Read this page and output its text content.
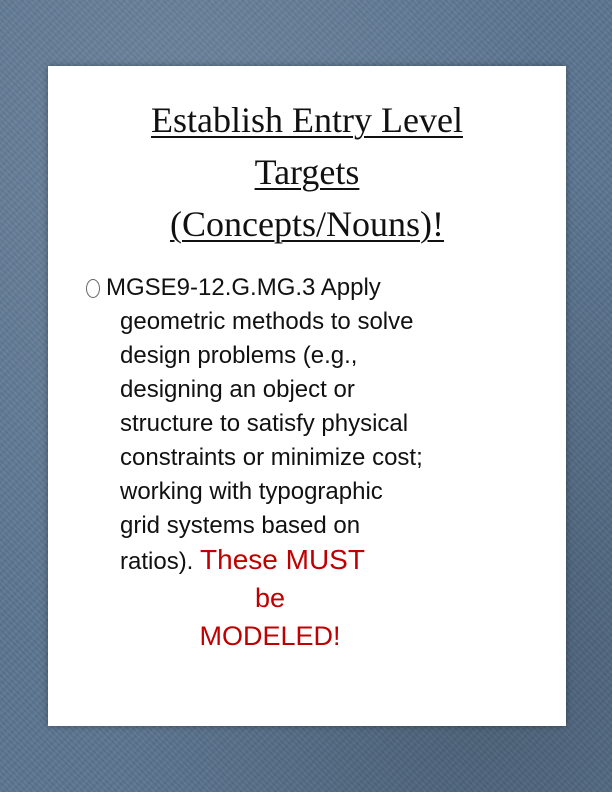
Establish Entry Level
Targets
(Concepts/Nouns)!
MGSE9-12.G.MG.3 Apply
geometric methods to solve
design problems (e.g.,
designing an object or
structure to satisfy physical
constraints or minimize cost;
working with typographic
grid systems based on
ratios). These MUST
be
MODELED!
